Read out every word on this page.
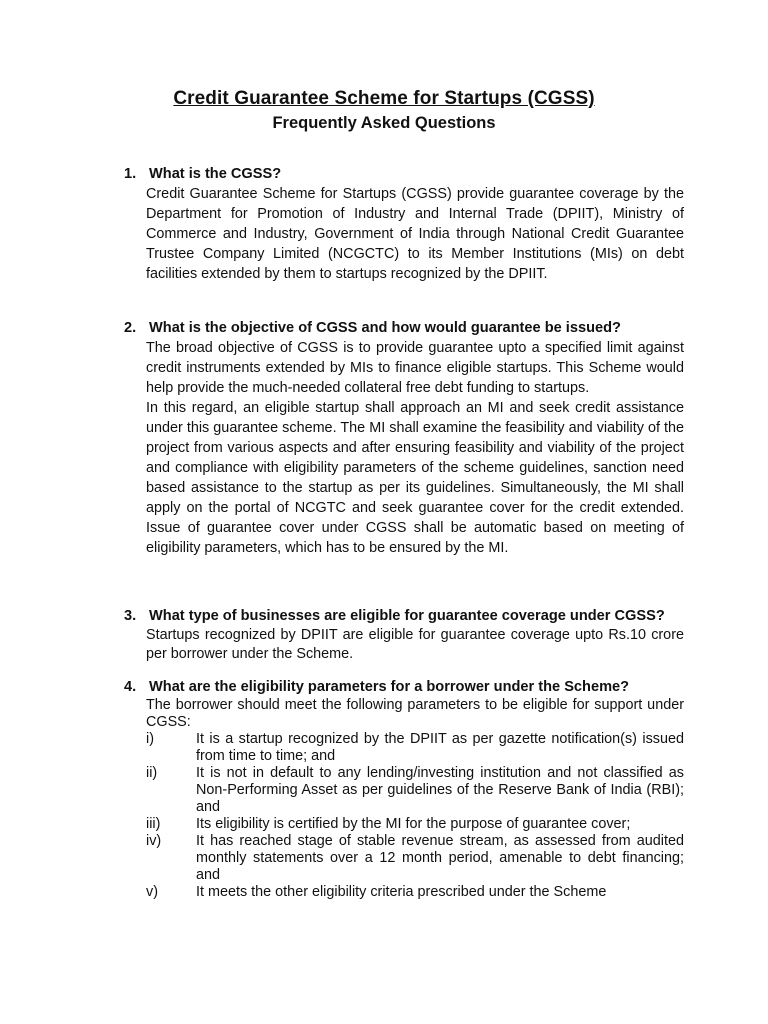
Credit Guarantee Scheme for Startups (CGSS)
Frequently Asked Questions
1. What is the CGSS?

Credit Guarantee Scheme for Startups (CGSS) provide guarantee coverage by the Department for Promotion of Industry and Internal Trade (DPIIT), Ministry of Commerce and Industry, Government of India through National Credit Guarantee Trustee Company Limited (NCGCTC) to its Member Institutions (MIs) on debt facilities extended by them to startups recognized by the DPIIT.

2. What is the objective of CGSS and how would guarantee be issued?

The broad objective of CGSS is to provide guarantee upto a specified limit against credit instruments extended by MIs to finance eligible startups. This Scheme would help provide the much-needed collateral free debt funding to startups.

In this regard, an eligible startup shall approach an MI and seek credit assistance under this guarantee scheme. The MI shall examine the feasibility and viability of the project from various aspects and after ensuring feasibility and viability of the project and compliance with eligibility parameters of the scheme guidelines, sanction need based assistance to the startup as per its guidelines. Simultaneously, the MI shall apply on the portal of NCGTC and seek guarantee cover for the credit extended. Issue of guarantee cover under CGSS shall be automatic based on meeting of eligibility parameters, which has to be ensured by the MI.

3. What type of businesses are eligible for guarantee coverage under CGSS?

Startups recognized by DPIIT are eligible for guarantee coverage upto Rs.10 crore per borrower under the Scheme.

4. What are the eligibility parameters for a borrower under the Scheme?

The borrower should meet the following parameters to be eligible for support under CGSS:

i)	It is a startup recognized by the DPIIT as per gazette notification(s) issued from time to time; and
ii)	It is not in default to any lending/investing institution and not classified as Non-Performing Asset as per guidelines of the Reserve Bank of India (RBI); and
iii) Its eligibility is certified by the MI for the purpose of guarantee cover;
iv) It has reached stage of stable revenue stream, as assessed from audited monthly statements over a 12 month period, amenable to debt financing; and
v)	It meets the other eligibility criteria prescribed under the Scheme
